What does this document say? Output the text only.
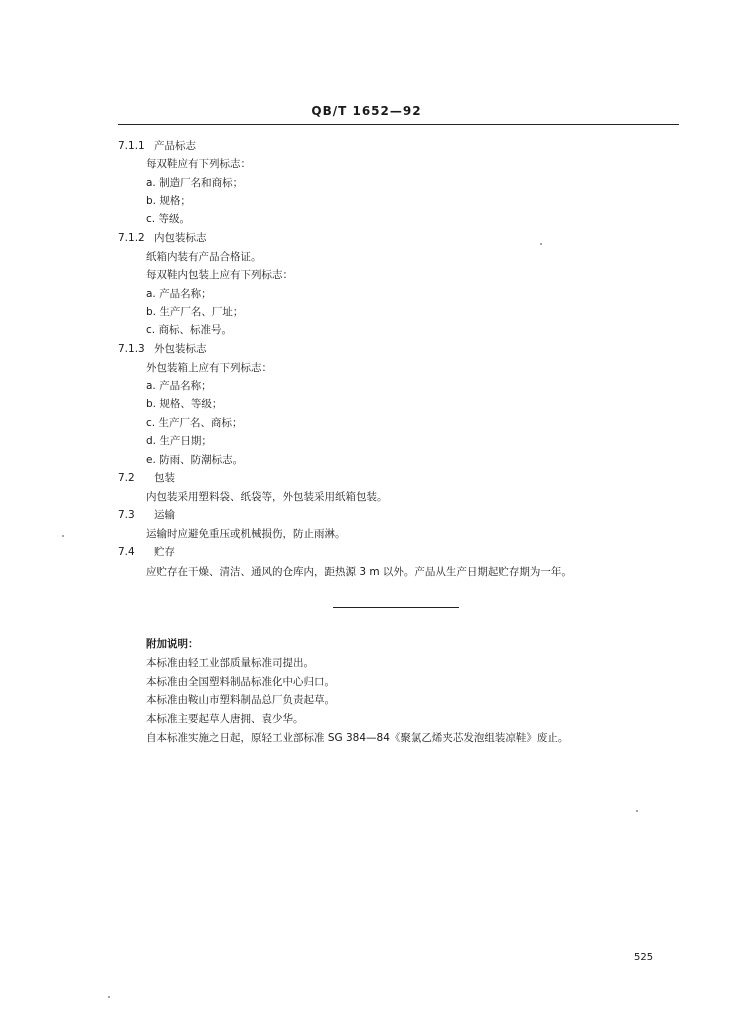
QB/T 1652—92
7.1.1 产品标志
每双鞋应有下列标志：
a. 制造厂名和商标；
b. 规格；
c. 等级。
7.1.2 内包装标志
纸箱内装有产品合格证。
每双鞋内包装上应有下列标志：
a. 产品名称；
b. 生产厂名、厂址；
c. 商标、标准号。
7.1.3 外包装标志
外包装箱上应有下列标志：
a. 产品名称；
b. 规格、等级；
c. 生产厂名、商标；
d. 生产日期；
e. 防雨、防潮标志。
7.2 包装
内包装采用塑料袋、纸袋等，外包装采用纸箱包装。
7.3 运输
运输时应避免重压或机械损伤，防止雨淋。
7.4 贮存
应贮存在干燥、清洁、通风的仓库内，距热源 3 m 以外。产品从生产日期起贮存期为一年。
附加说明：
本标准由轻工业部质量标准司提出。
本标准由全国塑料制品标准化中心归口。
本标准由鞍山市塑料制品总厂负责起草。
本标准主要起草人唐拥、袁少华。
自本标准实施之日起，原轻工业部标准 SG 384—84《聚氯乙烯夹芯发泡组装凉鞋》废止。
525
